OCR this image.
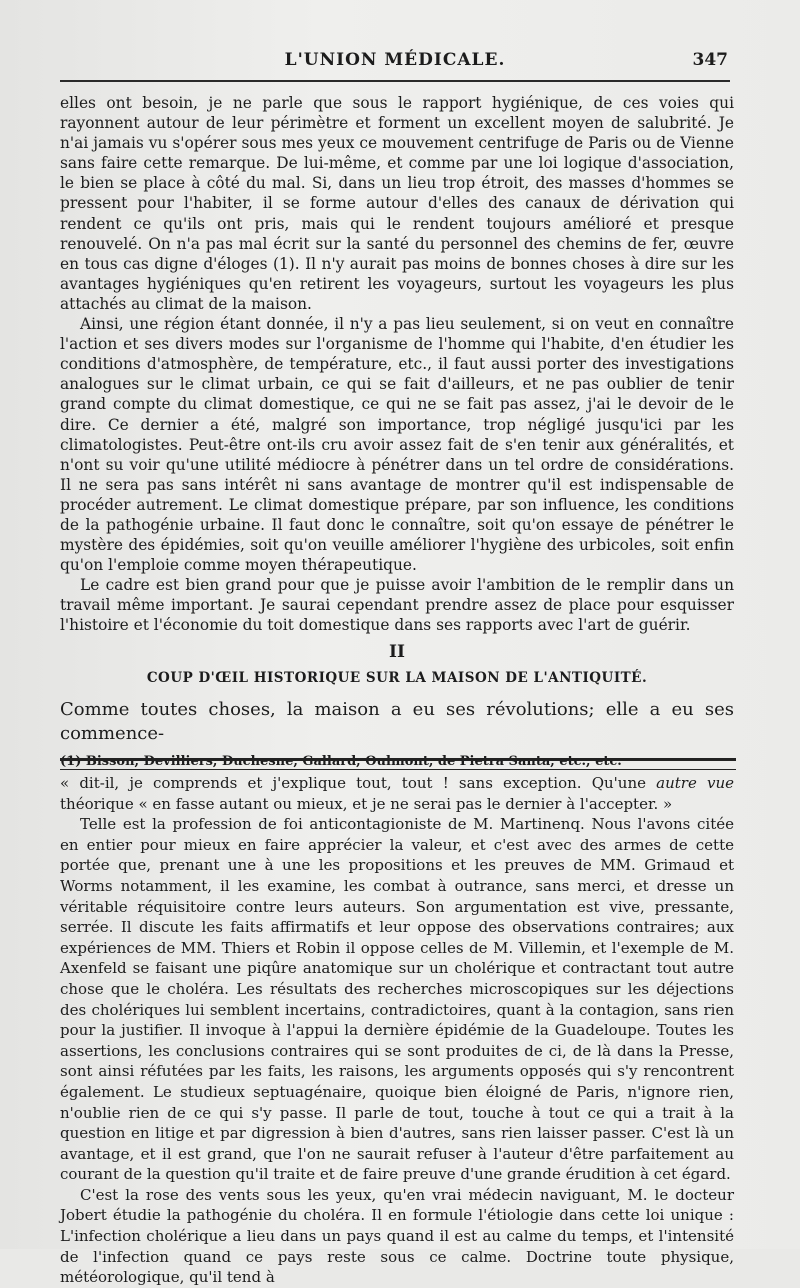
L'UNION MÉDICALE.	347

elles ont besoin, je ne parle que sous le rapport hygiénique, de ces voies qui rayonnent autour de leur périmètre et forment un excellent moyen de salubrité. Je n'ai jamais vu s'opérer sous mes yeux ce mouvement centrifuge de Paris ou de Vienne sans faire cette remarque. De lui-même, et comme par une loi logique d'association, le bien se place à côté du mal. Si, dans un lieu trop étroit, des masses d'hommes se pressent pour l'habiter, il se forme autour d'elles des canaux de dérivation qui rendent ce qu'ils ont pris, mais qui le rendent toujours amélioré et presque renouvelé. On n'a pas mal écrit sur la santé du personnel des chemins de fer, œuvre en tous cas digne d'éloges (1). Il n'y aurait pas moins de bonnes choses à dire sur les avantages hygiéniques qu'en retirent les voyageurs, surtout les voyageurs les plus attachés au climat de la maison.

Ainsi, une région étant donnée, il n'y a pas lieu seulement, si on veut en connaître l'action et ses divers modes sur l'organisme de l'homme qui l'habite, d'en étudier les conditions d'atmosphère, de température, etc., il faut aussi porter des investigations analogues sur le climat urbain, ce qui se fait d'ailleurs, et ne pas oublier de tenir grand compte du climat domestique, ce qui ne se fait pas assez, j'ai le devoir de le dire. Ce dernier a été, malgré son importance, trop négligé jusqu'ici par les climatologistes. Peut-être ont-ils cru avoir assez fait de s'en tenir aux généralités, et n'ont su voir qu'une utilité médiocre à pénétrer dans un tel ordre de considérations. Il ne sera pas sans intérêt ni sans avantage de montrer qu'il est indispensable de procéder autrement. Le climat domestique prépare, par son influence, les conditions de la pathogénie urbaine. Il faut donc le connaître, soit qu'on essaye de pénétrer le mystère des épidémies, soit qu'on veuille améliorer l'hygiène des urbicoles, soit enfin qu'on l'emploie comme moyen thérapeutique.

Le cadre est bien grand pour que je puisse avoir l'ambition de le remplir dans un travail même important. Je saurai cependant prendre assez de place pour esquisser l'histoire et l'économie du toit domestique dans ses rapports avec l'art de guérir.

II
COUP D'ŒIL HISTORIQUE SUR LA MAISON DE L'ANTIQUITÉ.

Comme toutes choses, la maison a eu ses révolutions; elle a eu ses commence-

(1) Bisson, Devilliers, Duchesne, Gallard, Oulmont, de Pietra Santa, etc., etc.

« dit-il, je comprends et j'explique tout, tout ! sans exception. Qu'une autre vue théorique « en fasse autant ou mieux, et je ne serai pas le dernier à l'accepter. »

Telle est la profession de foi anticontagioniste de M. Martinenq. Nous l'avons citée en entier pour mieux en faire apprécier la valeur, et c'est avec des armes de cette portée que, prenant une à une les propositions et les preuves de MM. Grimaud et Worms notamment, il les examine, les combat à outrance, sans merci, et dresse un véritable réquisitoire contre leurs auteurs. Son argumentation est vive, pressante, serrée. Il discute les faits affirmatifs et leur oppose des observations contraires; aux expériences de MM. Thiers et Robin il oppose celles de M. Villemin, et l'exemple de M. Axenfeld se faisant une piqûre anatomique sur un cholérique et contractant tout autre chose que le choléra. Les résultats des recherches microscopiques sur les déjections des cholériques lui semblent incertains, contradictoires, quant à la contagion, sans rien pour la justifier. Il invoque à l'appui la dernière épidémie de la Guadeloupe. Toutes les assertions, les conclusions contraires qui se sont produites de ci, de là dans la Presse, sont ainsi réfutées par les faits, les raisons, les arguments opposés qui s'y rencontrent également. Le studieux septuagénaire, quoique bien éloigné de Paris, n'ignore rien, n'oublie rien de ce qui s'y passe. Il parle de tout, touche à tout ce qui a trait à la question en litige et par digression à bien d'autres, sans rien laisser passer. C'est là un avantage, et il est grand, que l'on ne saurait refuser à l'auteur d'être parfaitement au courant de la question qu'il traite et de faire preuve d'une grande érudition à cet égard.

C'est la rose des vents sous les yeux, qu'en vrai médecin naviguant, M. le docteur Jobert étudie la pathogénie du choléra. Il en formule l'étiologie dans cette loi unique : L'infection cholérique a lieu dans un pays quand il est au calme du temps, et l'intensité de l'infection quand ce pays reste sous ce calme. Doctrine toute physique, météorologique, qu'il tend à
